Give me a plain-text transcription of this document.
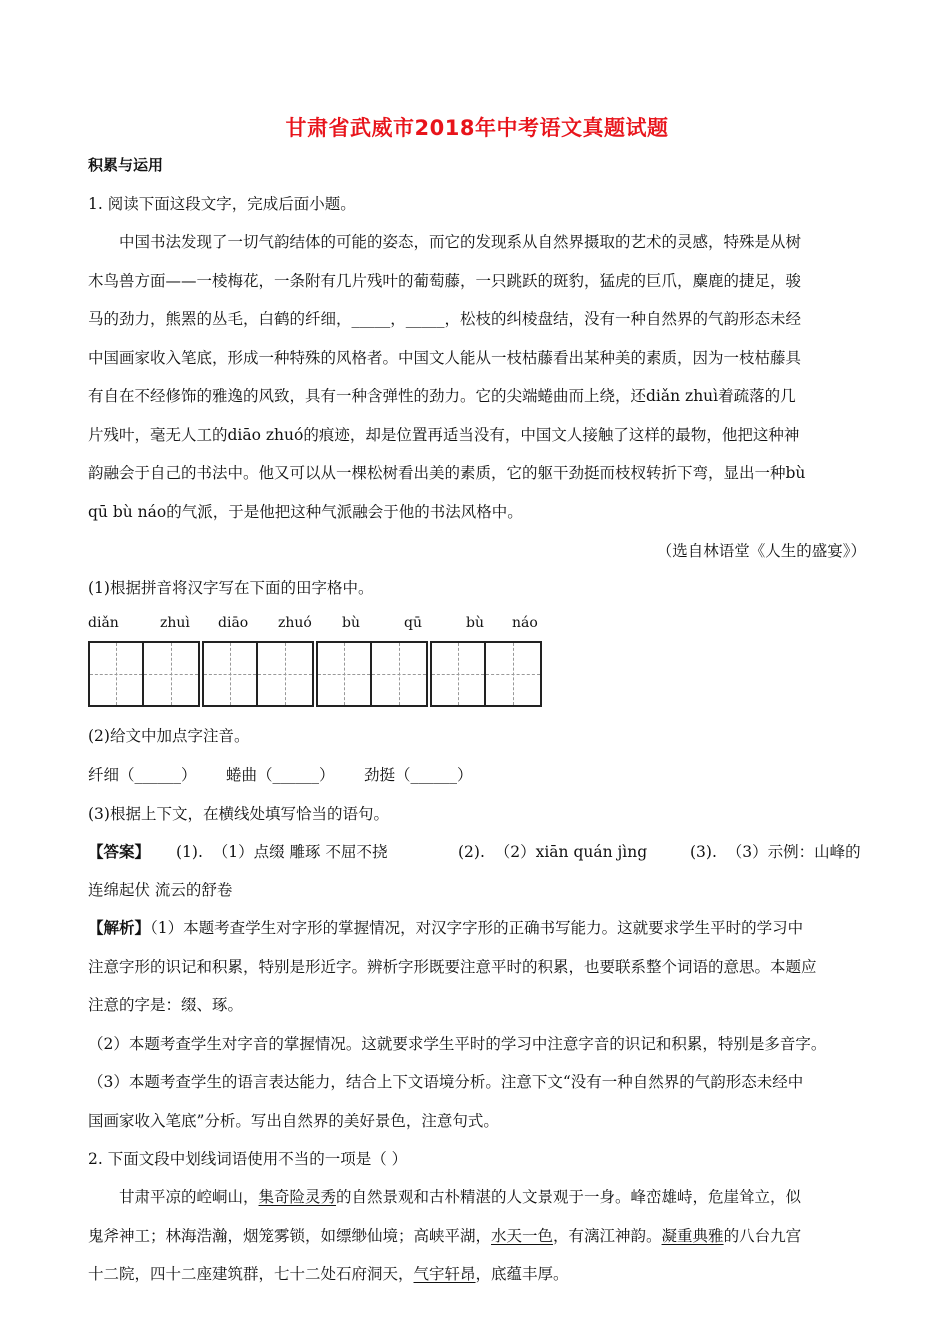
甘肃省武威市2018年中考语文真题试题
积累与运用
1. 阅读下面这段文字，完成后面小题。

中国书法发现了一切气韵结体的可能的姿态，而它的发现系从自然界摄取的艺术的灵感，特殊是从树

木鸟兽方面——一棱梅花，一条附有几片残叶的葡萄藤，一只跳跃的斑豹，猛虎的巨爪，麋鹿的捷足，骏

马的劲力，熊罴的丛毛，白鹤的纤细，_____，_____，松枝的纠棱盘结，没有一种自然界的气韵形态未经

中国画家收入笔底，形成一种特殊的风格者。中国文人能从一枝枯藤看出某种美的素质，因为一枝枯藤具

有自在不经修饰的雅逸的风致，具有一种含弹性的劲力。它的尖端蜷曲而上绕，还diǎn zhuì着疏落的几

片残叶，毫无人工的diāo zhuó的痕迹，却是位置再适当没有，中国文人接触了这样的最物，他把这种神

韵融会于自己的书法中。他又可以从一棵松树看出美的素质，它的躯干劲挺而枝杈转折下弯，显出一种bù

qū bù náo的气派，于是他把这种气派融会于他的书法风格中。

（选自林语堂《人生的盛宴》）
(1)根据拼音将汉字写在下面的田字格中。
diǎn	zhuì	diāo	zhuó	bù	qū	bù	náo
(2)给文中加点字注音。
纤细（______）	蜷曲（______）	劲挺（______）
(3)根据上下文，在横线处填写恰当的语句。
【答案】	(1).  （1）点缀 雕琢 不屈不挠	(2).  （2）xiān quán jìng	(3).  （3）示例：山峰的
连绵起伏 流云的舒卷

【解析】（1）本题考查学生对字形的掌握情况，对汉字字形的正确书写能力。这就要求学生平时的学习中

注意字形的识记和积累，特别是形近字。辨析字形既要注意平时的积累，也要联系整个词语的意思。本题应

注意的字是：缀、琢。

（2）本题考查学生对字音的掌握情况。这就要求学生平时的学习中注意字音的识记和积累，特别是多音字。

（3）本题考查学生的语言表达能力，结合上下文语境分析。注意下文“没有一种自然界的气韵形态未经中

国画家收入笔底”分析。写出自然界的美好景色，注意句式。

2. 下面文段中划线词语使用不当的一项是（ ）

甘肃平凉的崆峒山，集奇险灵秀的自然景观和古朴精湛的人文景观于一身。峰峦雄峙，危崖耸立，似

鬼斧神工；林海浩瀚，烟笼雾锁，如缥缈仙境；高峡平湖，水天一色，有漓江神韵。凝重典雅的八台九宫

十二院，四十二座建筑群，七十二处石府洞天，气宇轩昂，底蕴丰厚。
